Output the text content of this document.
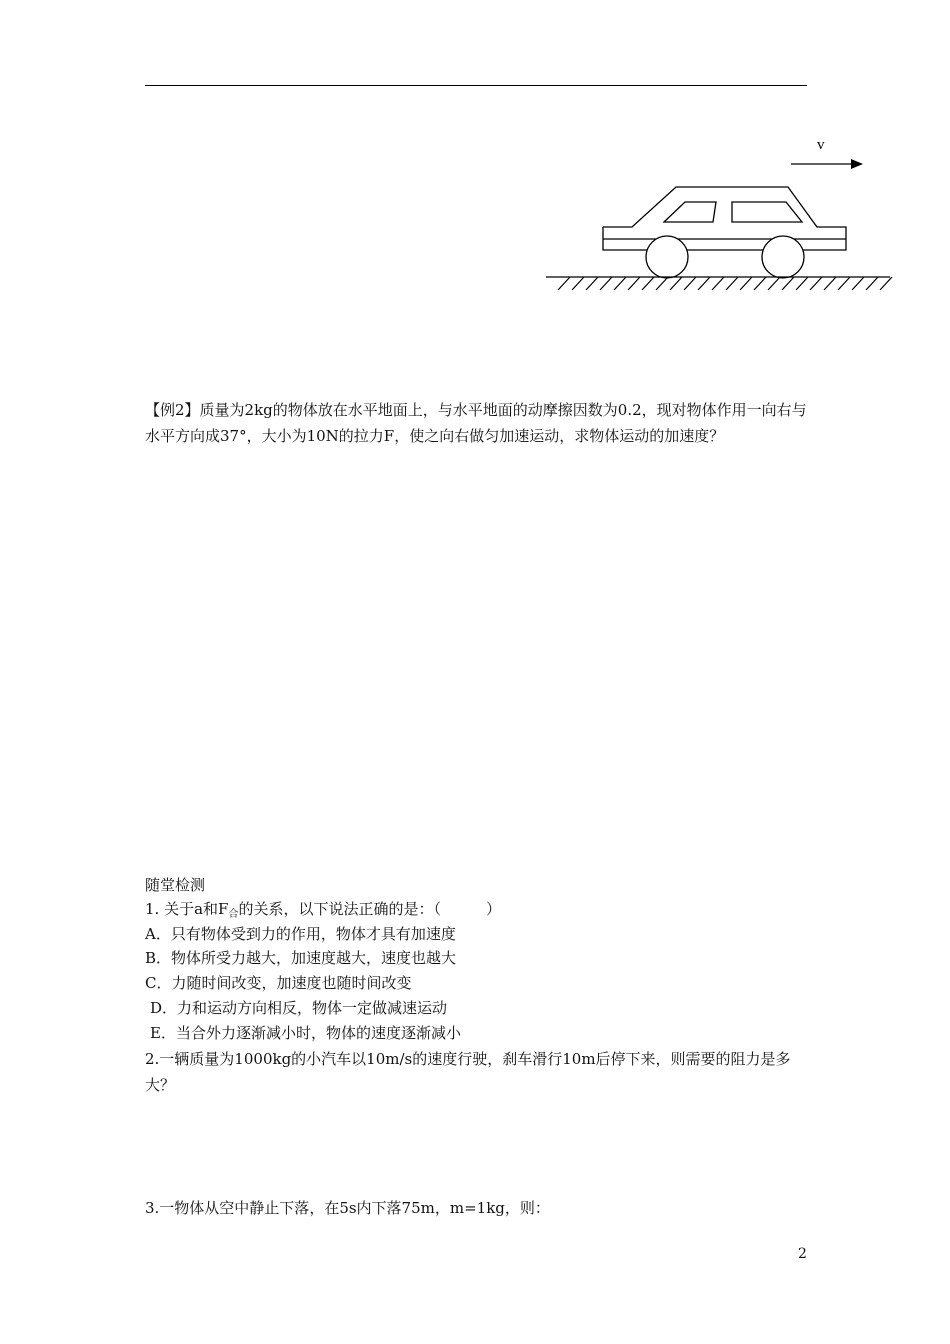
v
【例2】质量为2kg的物体放在水平地面上，与水平地面的动摩擦因数为0.2，现对物体作用一向右与水平方向成37°，大小为10N的拉力F，使之向右做匀加速运动，求物体运动的加速度？
随堂检测
1. 关于a和$F_合$的关系，以下说法正确的是：（　　　）
A．只有物体受到力的作用，物体才具有加速度
B．物体所受力越大，加速度越大，速度也越大
C．力随时间改变，加速度也随时间改变
D．力和运动方向相反，物体一定做减速运动
E．当合外力逐渐减小时，物体的速度逐渐减小
2.一辆质量为1000kg的小汽车以10m/s的速度行驶，刹车滑行10m后停下来，则需要的阻力是多大？
3.一物体从空中静止下落，在5s内下落75m，m=1kg，则：
2
